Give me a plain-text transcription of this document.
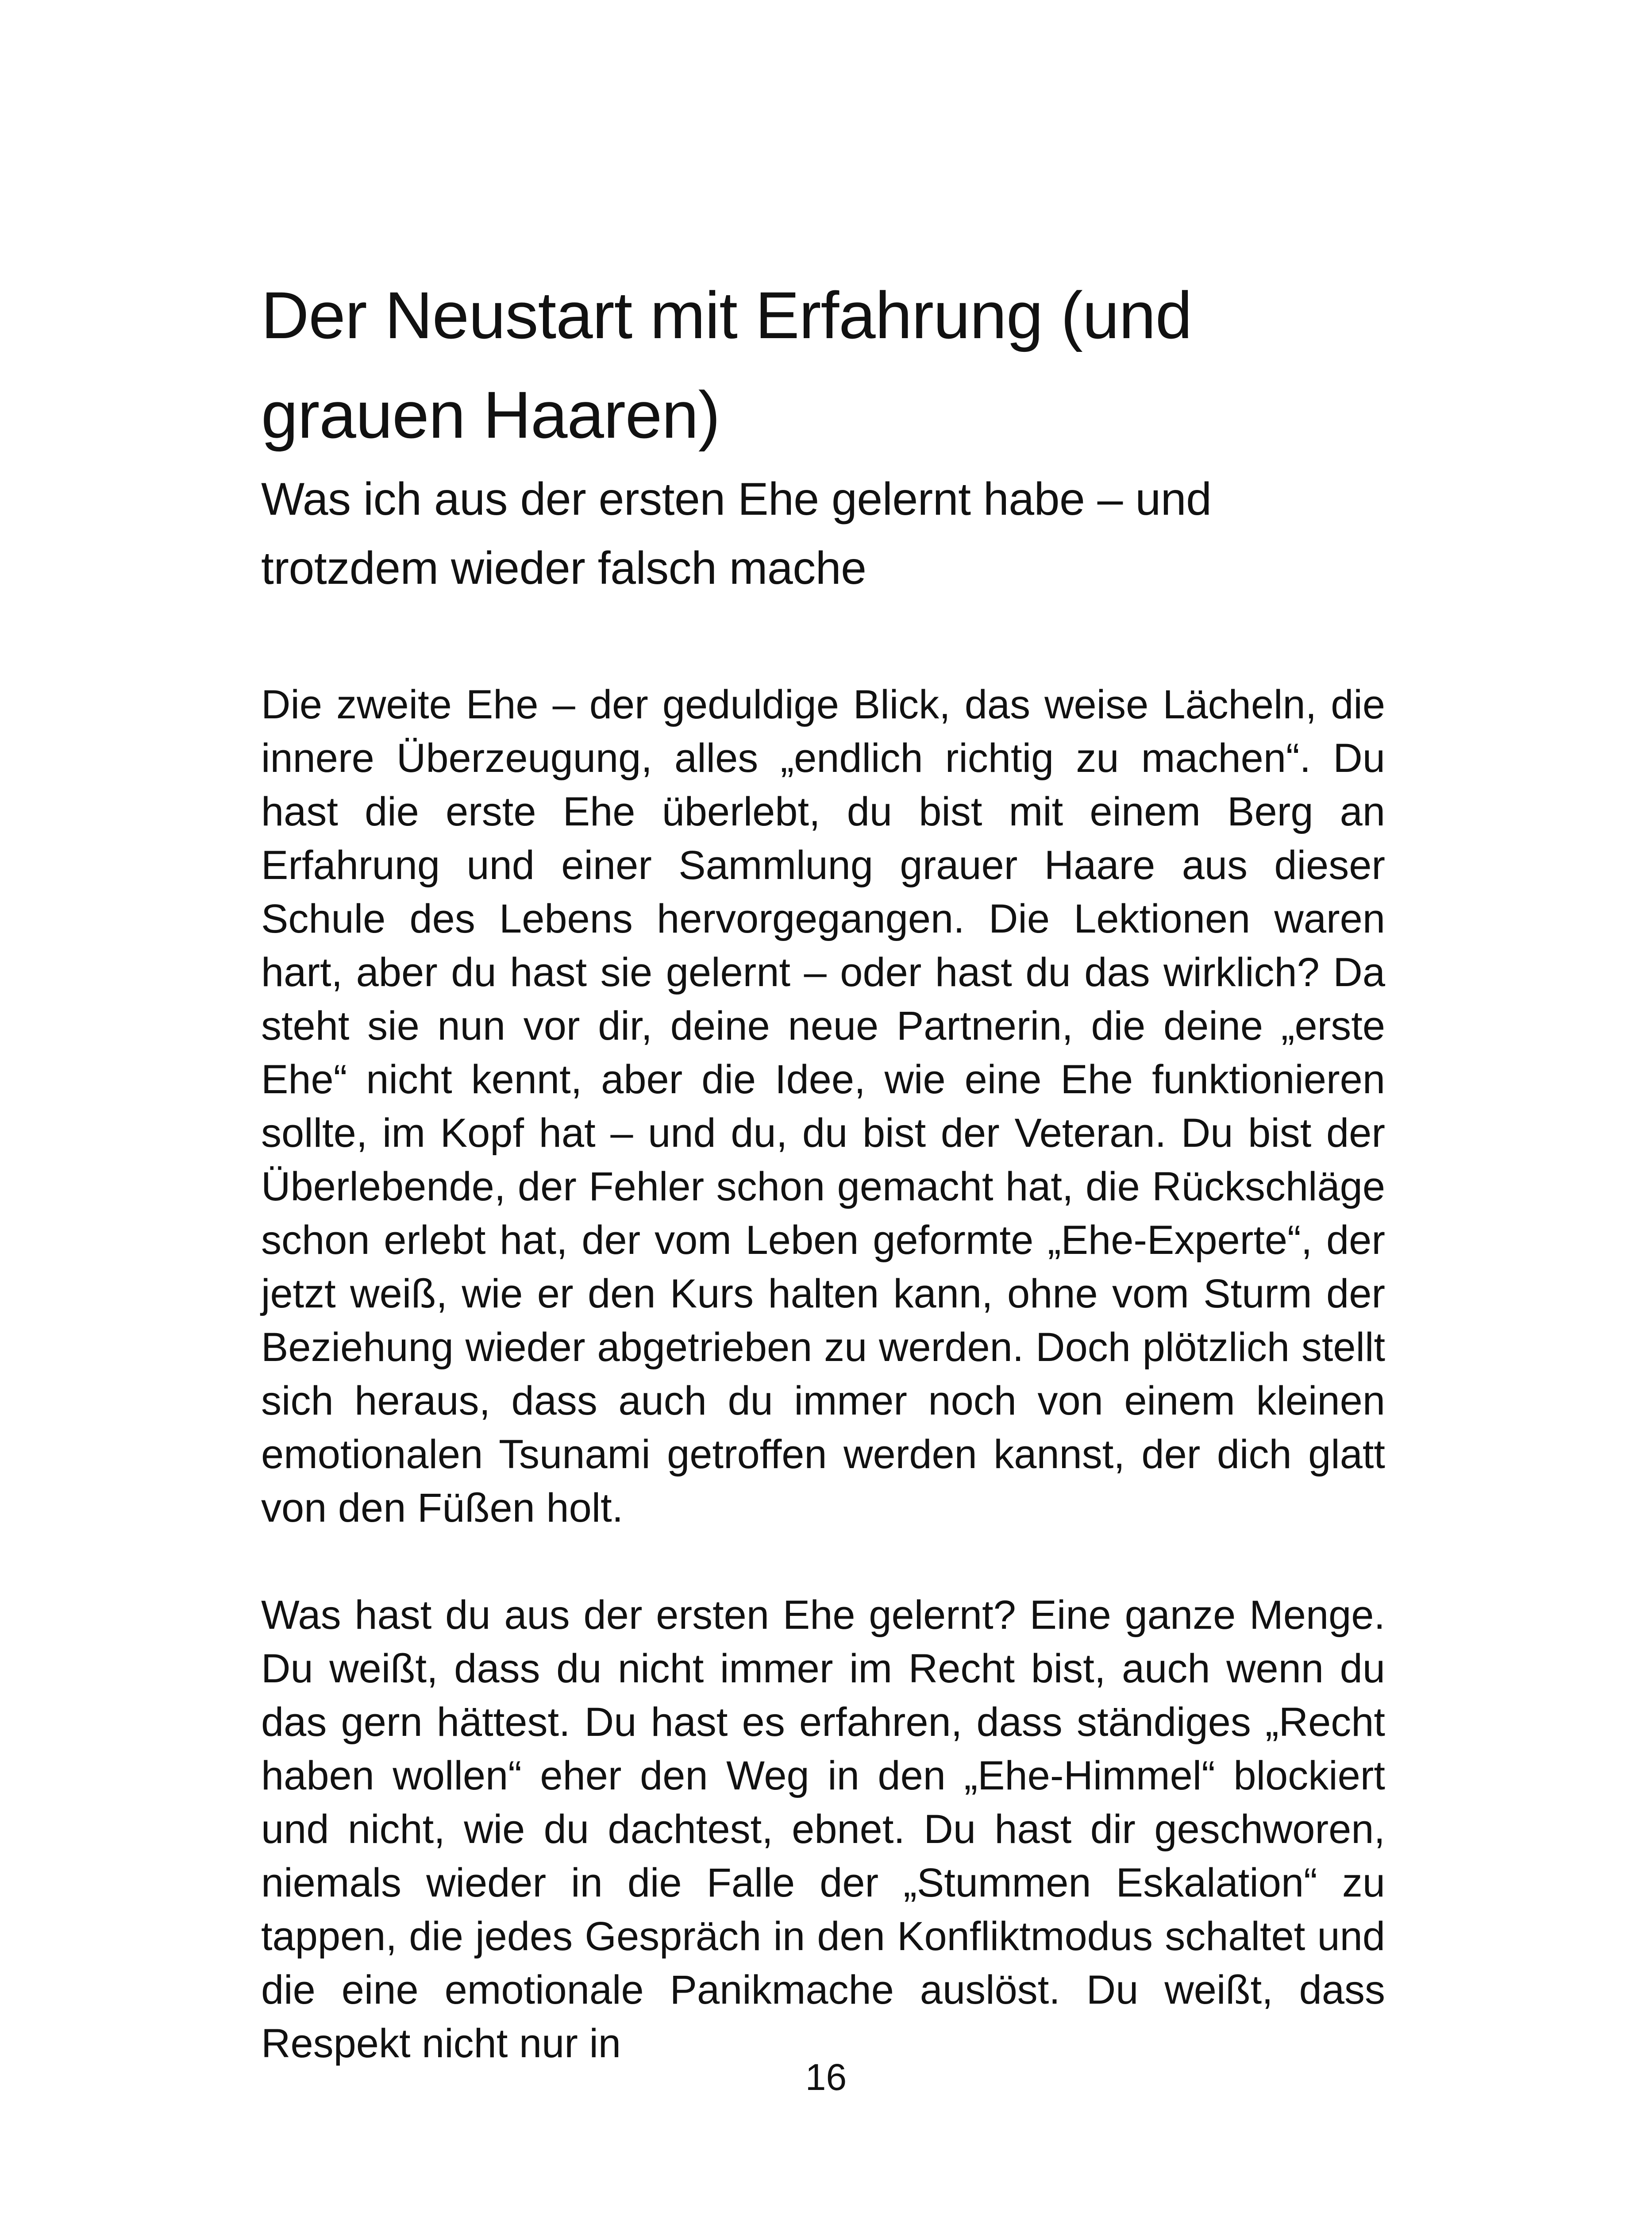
Der Neustart mit Erfahrung (und grauen Haaren)
Was ich aus der ersten Ehe gelernt habe – und trotzdem wieder falsch mache

Die zweite Ehe – der geduldige Blick, das weise Lächeln, die innere Überzeugung, alles „endlich richtig zu machen“. Du hast die erste Ehe überlebt, du bist mit einem Berg an Erfahrung und einer Sammlung grauer Haare aus dieser Schule des Lebens hervorgegangen. Die Lektionen waren hart, aber du hast sie gelernt – oder hast du das wirklich? Da steht sie nun vor dir, deine neue Partnerin, die deine „erste Ehe“ nicht kennt, aber die Idee, wie eine Ehe funktionieren sollte, im Kopf hat – und du, du bist der Veteran. Du bist der Überlebende, der Fehler schon gemacht hat, die Rückschläge schon erlebt hat, der vom Leben geformte „Ehe-Experte“, der jetzt weiß, wie er den Kurs halten kann, ohne vom Sturm der Beziehung wieder abgetrieben zu werden. Doch plötzlich stellt sich heraus, dass auch du immer noch von einem kleinen emotionalen Tsunami getroffen werden kannst, der dich glatt von den Füßen holt.

Was hast du aus der ersten Ehe gelernt? Eine ganze Menge. Du weißt, dass du nicht immer im Recht bist, auch wenn du das gern hättest. Du hast es erfahren, dass ständiges „Recht haben wollen“ eher den Weg in den „Ehe-Himmel“ blockiert und nicht, wie du dachtest, ebnet. Du hast dir geschworen, niemals wieder in die Falle der „Stummen Eskalation“ zu tappen, die jedes Gespräch in den Konfliktmodus schaltet und die eine emotionale Panikmache auslöst. Du weißt, dass Respekt nicht nur in

16
